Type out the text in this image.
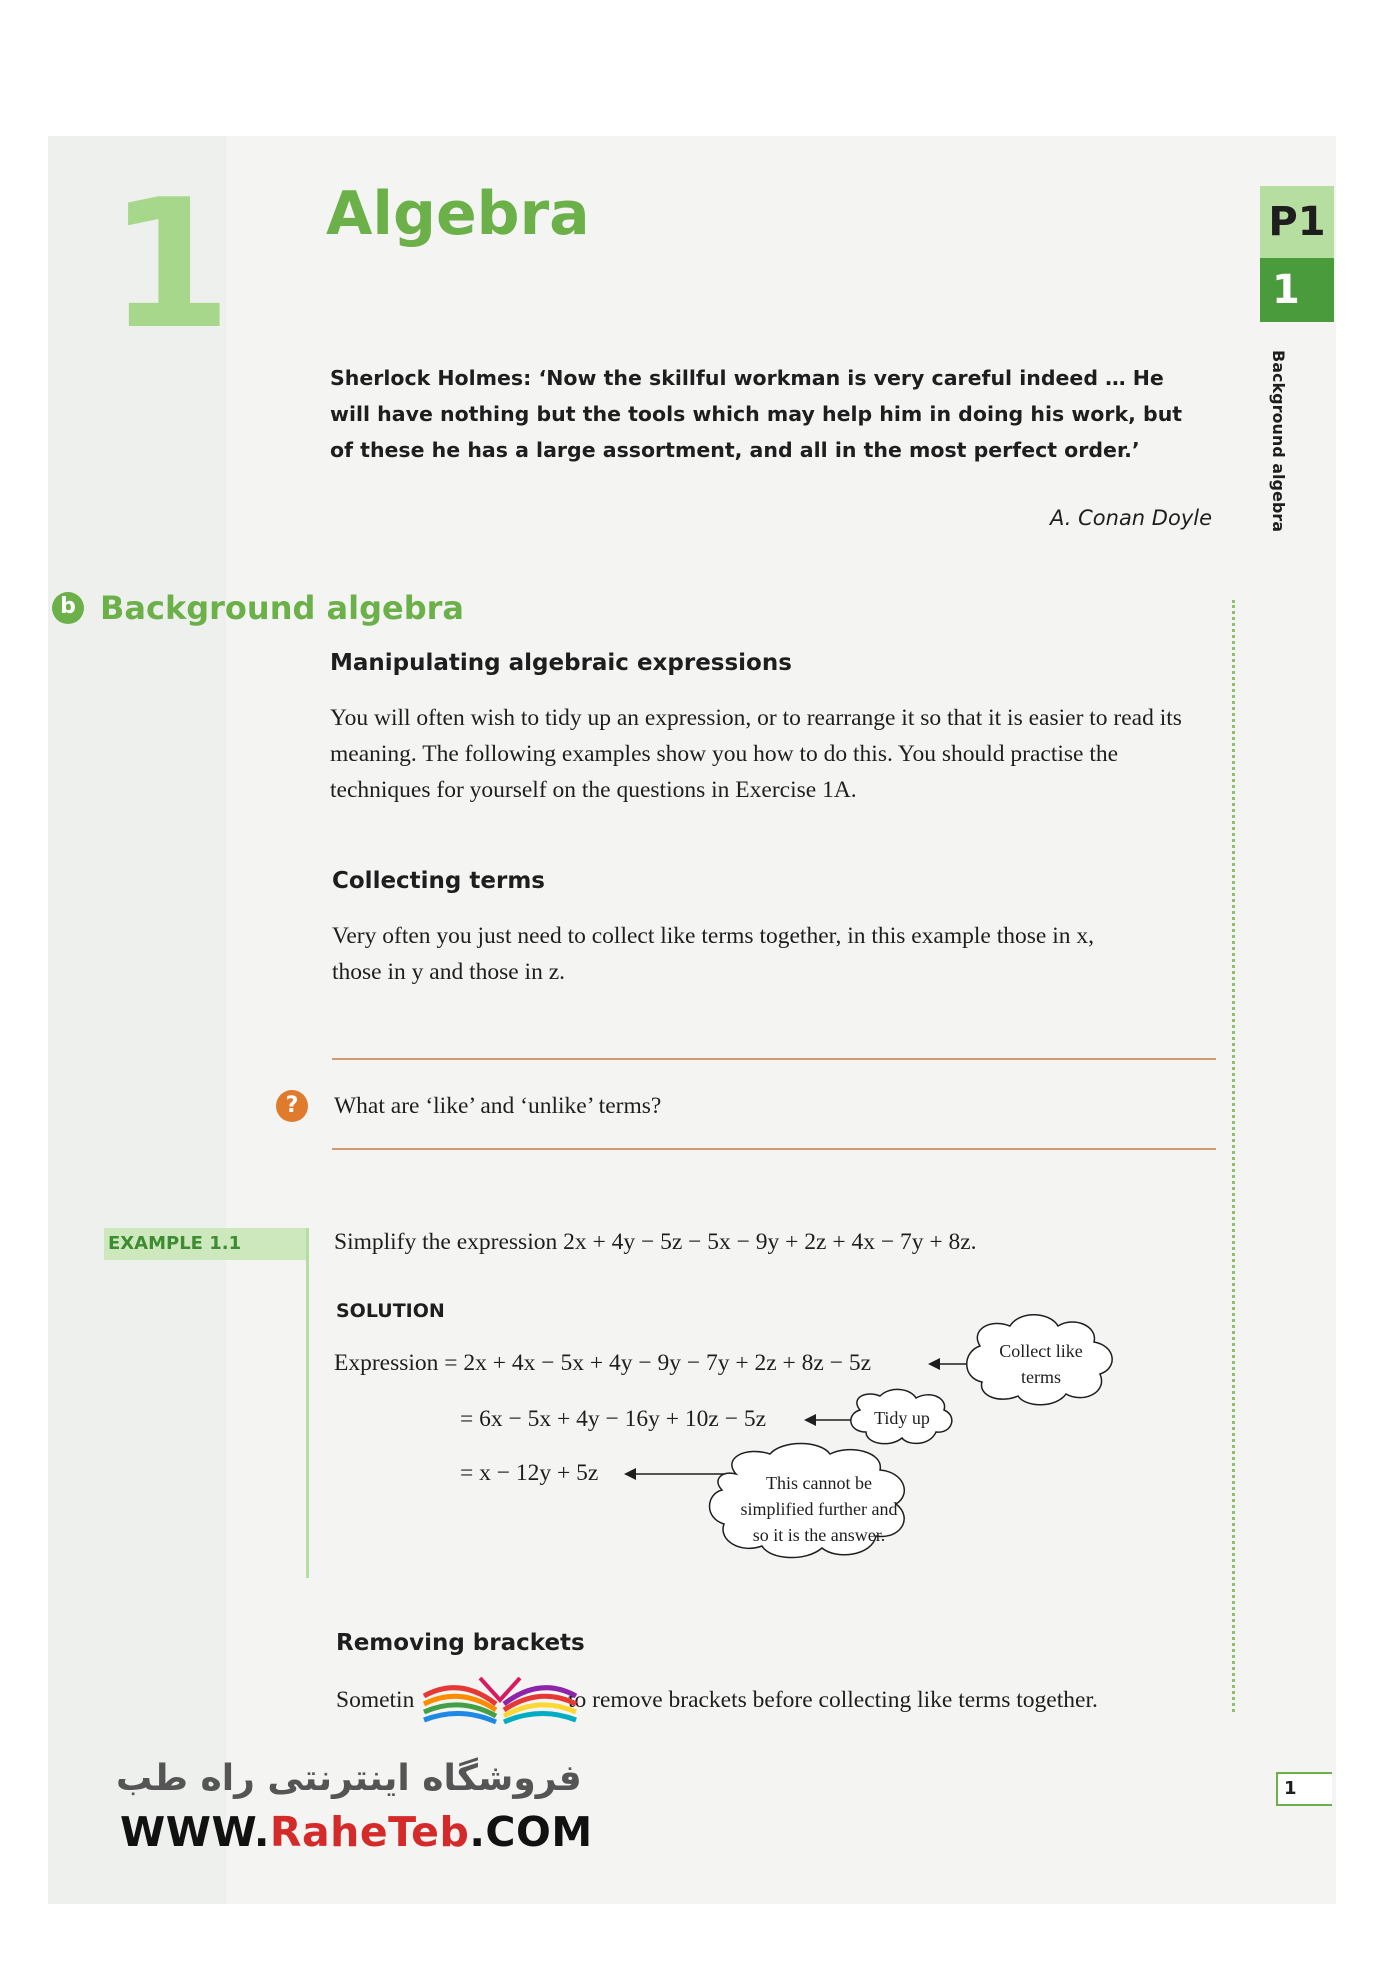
1 Algebra	P1
1
Background algebra
Sherlock Holmes: ‘Now the skillful workman is very careful indeed … He will have nothing but the tools which may help him in doing his work, but of these he has a large assortment, and all in the most perfect order.’
A. Conan Doyle
b Background algebra
Manipulating algebraic expressions
You will often wish to tidy up an expression, or to rearrange it so that it is easier to read its meaning. The following examples show you how to do this. You should practise the techniques for yourself on the questions in Exercise 1A.
Collecting terms
Very often you just need to collect like terms together, in this example those in x,
those in y and those in z.
?	What are ‘like’ and ‘unlike’ terms?
EXAMPLE 1.1	Simplify the expression 2x + 4y − 5z − 5x − 9y + 2z + 4x − 7y + 8z.
SOLUTION
Expression = 2x + 4x − 5x + 4y − 9y − 7y + 2z + 8z − 5z
= 6x − 5x + 4y − 16y + 10z − 5z
= x − 12y + 5z
Collect like terms
Tidy up
This cannot be simplified further and so it is the answer.
Removing brackets
Sometin	to remove brackets before collecting like terms together.
فروشگاه اینترنتی راه طب
WWW.RaheTeb.COM
1
